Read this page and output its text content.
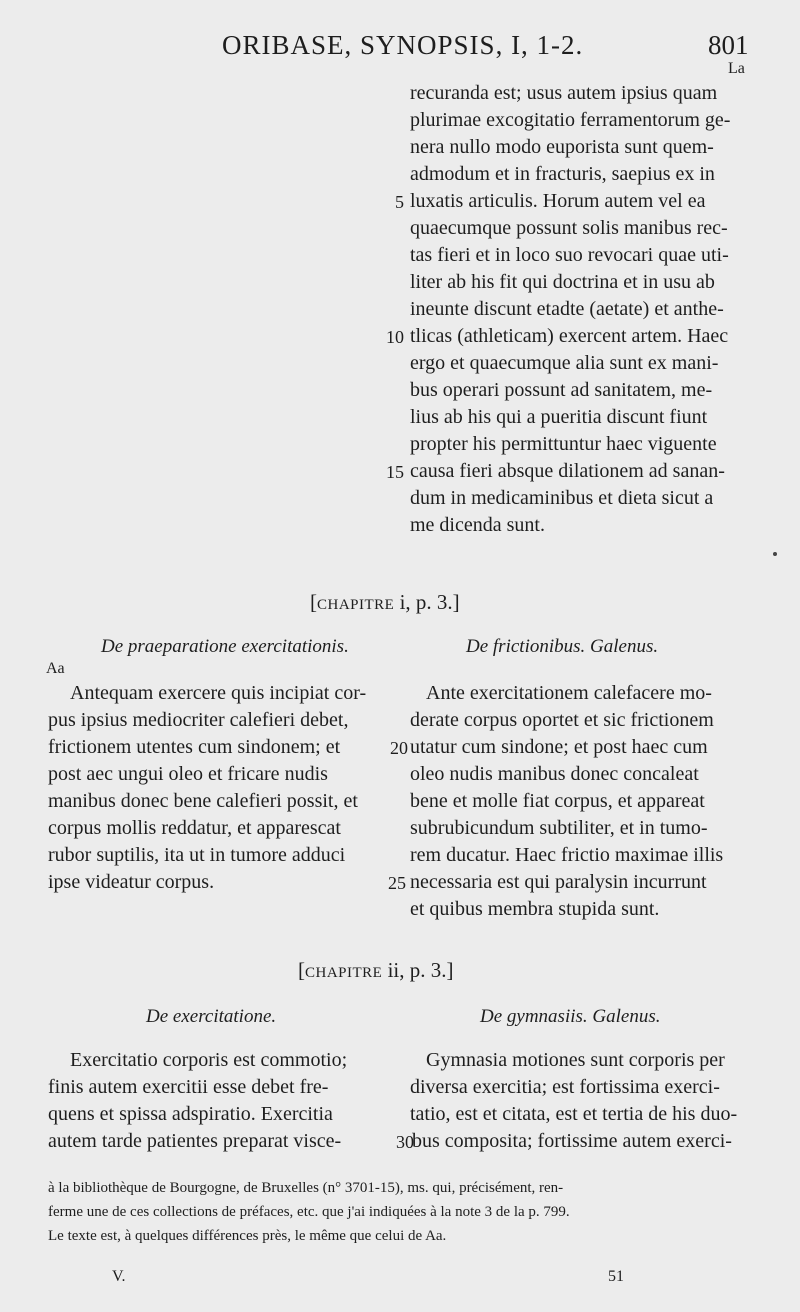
ORIBASE, SYNOPSIS, I, 1-2.	801
La
recuranda est; usus autem ipsius quam
plurimae excogitatio ferramentorum ge-
nera nullo modo euporista sunt quem-
admodum et in fracturis, saepius ex in
luxatis articulis. Horum autem vel ea
quaecumque possunt solis manibus rec-
tas fieri et in loco suo revocari quae uti-
liter ab his fit qui doctrina et in usu ab
ineunte discunt etadte (aetate) et anthe-
tlicas (athleticam) exercent artem. Haec
ergo et quaecumque alia sunt ex mani-
bus operari possunt ad sanitatem, me-
lius ab his qui a pueritia discunt fiunt
propter his permittuntur haec viguente
causa fieri absque dilationem ad sanan-
dum in medicaminibus et dieta sicut a
me dicenda sunt.
5
10
15
[CHAPITRE i, p. 3.]
De praeparatione exercitationis.	De frictionibus. Galenus.
Aa
Antequam exercere quis incipiat cor-
pus ipsius mediocriter calefieri debet,
frictionem utentes cum sindonem; et
post aec ungui oleo et fricare nudis
manibus donec bene calefieri possit, et
corpus mollis reddatur, et apparescat
rubor suptilis, ita ut in tumore adduci
ipse videatur corpus.
Ante exercitationem calefacere mo-
derate corpus oportet et sic frictionem
utatur cum sindone; et post haec cum
oleo nudis manibus donec concaleat
bene et molle fiat corpus, et appareat
subrubicundum subtiliter, et in tumo-
rem ducatur. Haec frictio maximae illis
necessaria est qui paralysin incurrunt
et quibus membra stupida sunt.
20
25
[CHAPITRE ii, p. 3.]
De exercitatione.	De gymnasiis. Galenus.
Exercitatio corporis est commotio;
finis autem exercitii esse debet fre-
quens et spissa adspiratio. Exercitia
autem tarde patientes preparat visce-
Gymnasia motiones sunt corporis per
diversa exercitia; est fortissima exerci-
tatio, est et citata, est et tertia de his duo-
bus composita; fortissime autem exerci-
30
à la bibliothèque de Bourgogne, de Bruxelles (n° 3701-15), ms. qui, précisément, ren-
ferme une de ces collections de préfaces, etc. que j'ai indiquées à la note 3 de la p. 799.
Le texte est, à quelques différences près, le même que celui de Aa.
V.	51
